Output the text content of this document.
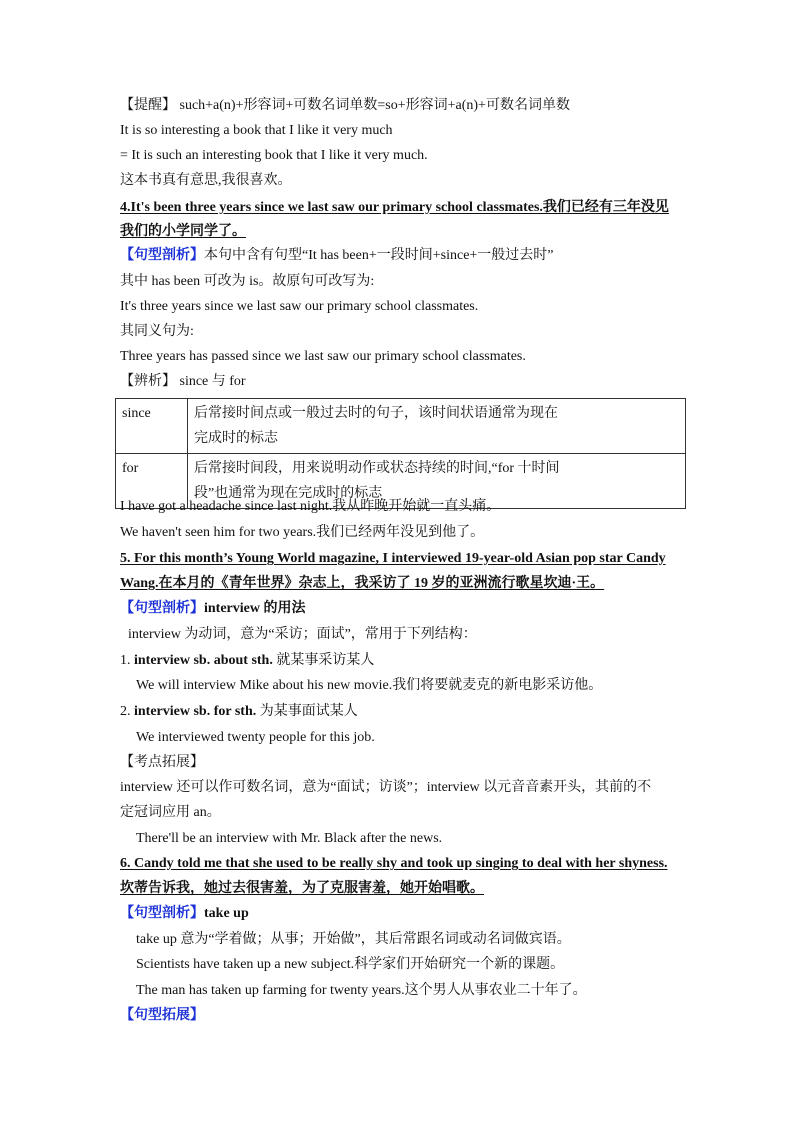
【提醒】 such+a(n)+形容词+可数名词单数=so+形容词+a(n)+可数名词单数
It is so interesting a book that I like it very much
= It is such an interesting book that I like it very much.
这本书真有意思,我很喜欢。
4.It's been three years since we last saw our primary school classmates.我们已经有三年没见
我们的小学同学了。
【句型剖析】本句中含有句型“It has been+一段时间+since+一般过去时”
其中 has been 可改为 is。故原句可改写为:
It's three years since we last saw our primary school classmates.
其同义句为:
Three years has passed since we last saw our primary school classmates.
【辨析】 since 与 for
since	后常接时间点或一般过去时的句子，该时间状语通常为现在
完成时的标志
for	后常接时间段，用来说明动作或状态持续的时间,“for 十时间
段”也通常为现在完成时的标志
I have got a headache since last night.我从昨晚开始就一直头痛。
We haven't seen him for two years.我们已经两年没见到他了。
5. For this month’s Young World magazine, I interviewed 19-year-old Asian pop star Candy
Wang.在本月的《青年世界》杂志上，我采访了 19 岁的亚洲流行歌星坎迪·王。
【句型剖析】interview 的用法
interview 为动词，意为“采访；面试”，常用于下列结构：
1. interview sb. about sth. 就某事采访某人
We will interview Mike about his new movie.我们将要就麦克的新电影采访他。
2. interview sb. for sth. 为某事面试某人
We interviewed twenty people for this job.
【考点拓展】
interview 还可以作可数名词，意为“面试；访谈”；interview 以元音音素开头，其前的不
定冠词应用 an。
There'll be an interview with Mr. Black after the news.
6. Candy told me that she used to be really shy and took up singing to deal with her shyness.
坎蒂告诉我，她过去很害羞，为了克服害羞，她开始唱歌。
【句型剖析】take up
take up 意为“学着做；从事；开始做”，其后常跟名词或动名词做宾语。
Scientists have taken up a new subject.科学家们开始研究一个新的课题。
The man has taken up farming for twenty years.这个男人从事农业二十年了。
【句型拓展】
